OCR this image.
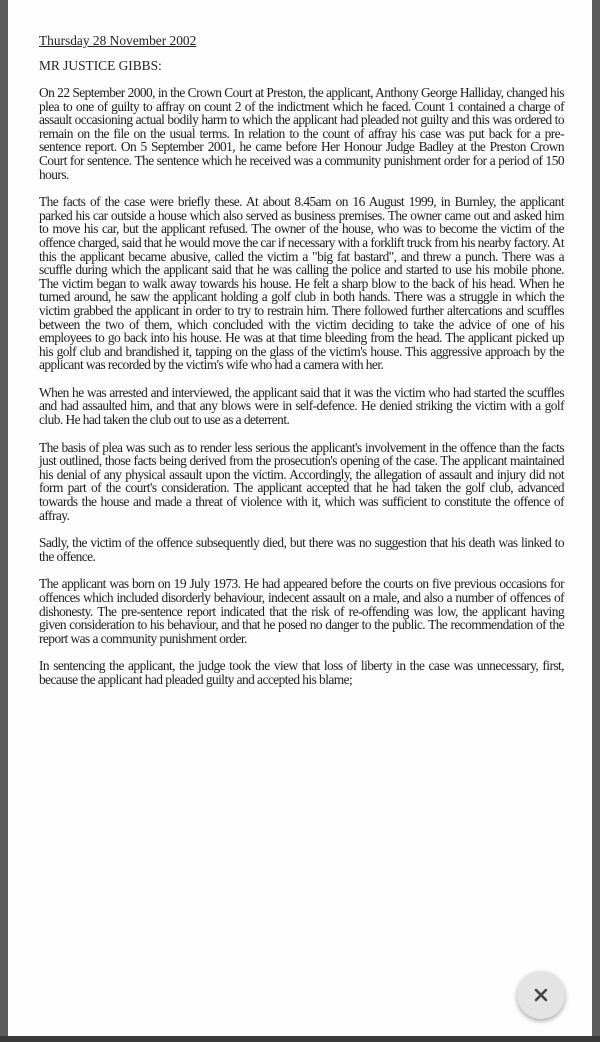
Thursday 28 November 2002
MR JUSTICE GIBBS:

On 22 September 2000, in the Crown Court at Preston, the applicant, Anthony George Halliday, changed his plea to one of guilty to affray on count 2 of the indictment which he faced. Count 1 contained a charge of assault occasioning actual bodily harm to which the applicant had pleaded not guilty and this was ordered to remain on the file on the usual terms. In relation to the count of affray his case was put back for a pre-sentence report. On 5 September 2001, he came before Her Honour Judge Badley at the Preston Crown Court for sentence. The sentence which he received was a community punishment order for a period of 150 hours.

The facts of the case were briefly these. At about 8.45am on 16 August 1999, in Burnley, the applicant parked his car outside a house which also served as business premises. The owner came out and asked him to move his car, but the applicant refused. The owner of the house, who was to become the victim of the offence charged, said that he would move the car if necessary with a forklift truck from his nearby factory. At this the applicant became abusive, called the victim a "big fat bastard", and threw a punch. There was a scuffle during which the applicant said that he was calling the police and started to use his mobile phone. The victim began to walk away towards his house. He felt a sharp blow to the back of his head. When he turned around, he saw the applicant holding a golf club in both hands. There was a struggle in which the victim grabbed the applicant in order to try to restrain him. There followed further altercations and scuffles between the two of them, which concluded with the victim deciding to take the advice of one of his employees to go back into his house. He was at that time bleeding from the head. The applicant picked up his golf club and brandished it, tapping on the glass of the victim's house. This aggressive approach by the applicant was recorded by the victim's wife who had a camera with her.

When he was arrested and interviewed, the applicant said that it was the victim who had started the scuffles and had assaulted him, and that any blows were in self-defence. He denied striking the victim with a golf club. He had taken the club out to use as a deterrent.

The basis of plea was such as to render less serious the applicant's involvement in the offence than the facts just outlined, those facts being derived from the prosecution's opening of the case. The applicant maintained his denial of any physical assault upon the victim. Accordingly, the allegation of assault and injury did not form part of the court's consideration. The applicant accepted that he had taken the golf club, advanced towards the house and made a threat of violence with it, which was sufficient to constitute the offence of affray.

Sadly, the victim of the offence subsequently died, but there was no suggestion that his death was linked to the offence.

The applicant was born on 19 July 1973. He had appeared before the courts on five previous occasions for offences which included disorderly behaviour, indecent assault on a male, and also a number of offences of dishonesty. The pre-sentence report indicated that the risk of re-offending was low, the applicant having given consideration to his behaviour, and that he posed no danger to the public. The recommendation of the report was a community punishment order.

In sentencing the applicant, the judge took the view that loss of liberty in the case was unnecessary, first, because the applicant had pleaded guilty and accepted his blame;
